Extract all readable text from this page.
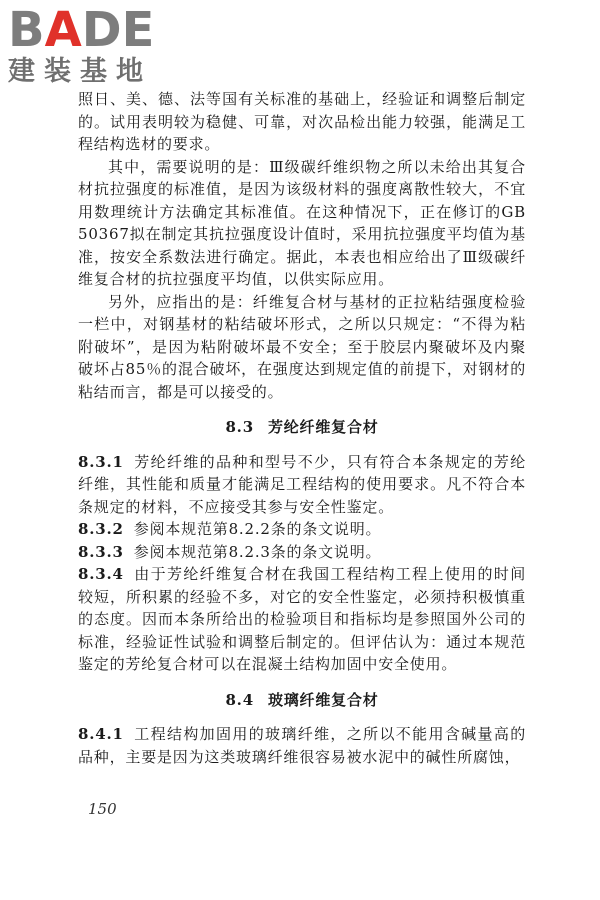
BADE
建装基地

照日、美、德、法等国有关标准的基础上，经验证和调整后制定的。试用表明较为稳健、可靠，对次品检出能力较强，能满足工程结构选材的要求。

其中，需要说明的是：Ⅲ级碳纤维织物之所以未给出其复合材抗拉强度的标准值，是因为该级材料的强度离散性较大，不宜用数理统计方法确定其标准值。在这种情况下，正在修订的GB 50367拟在制定其抗拉强度设计值时，采用抗拉强度平均值为基准，按安全系数法进行确定。据此，本表也相应给出了Ⅲ级碳纤维复合材的抗拉强度平均值，以供实际应用。

另外，应指出的是：纤维复合材与基材的正拉粘结强度检验一栏中，对钢基材的粘结破坏形式，之所以只规定：“不得为粘附破坏”，是因为粘附破坏最不安全；至于胶层内聚破坏及内聚破坏占85％的混合破坏，在强度达到规定值的前提下，对钢材的粘结而言，都是可以接受的。

8.3 芳纶纤维复合材

8.3.1 芳纶纤维的品种和型号不少，只有符合本条规定的芳纶纤维，其性能和质量才能满足工程结构的使用要求。凡不符合本条规定的材料，不应接受其参与安全性鉴定。

8.3.2 参阅本规范第8.2.2条的条文说明。

8.3.3 参阅本规范第8.2.3条的条文说明。

8.3.4 由于芳纶纤维复合材在我国工程结构工程上使用的时间较短，所积累的经验不多，对它的安全性鉴定，必须持积极慎重的态度。因而本条所给出的检验项目和指标均是参照国外公司的标准，经验证性试验和调整后制定的。但评估认为：通过本规范鉴定的芳纶复合材可以在混凝土结构加固中安全使用。

8.4 玻璃纤维复合材

8.4.1 工程结构加固用的玻璃纤维，之所以不能用含碱量高的品种，主要是因为这类玻璃纤维很容易被水泥中的碱性所腐蚀，

150
